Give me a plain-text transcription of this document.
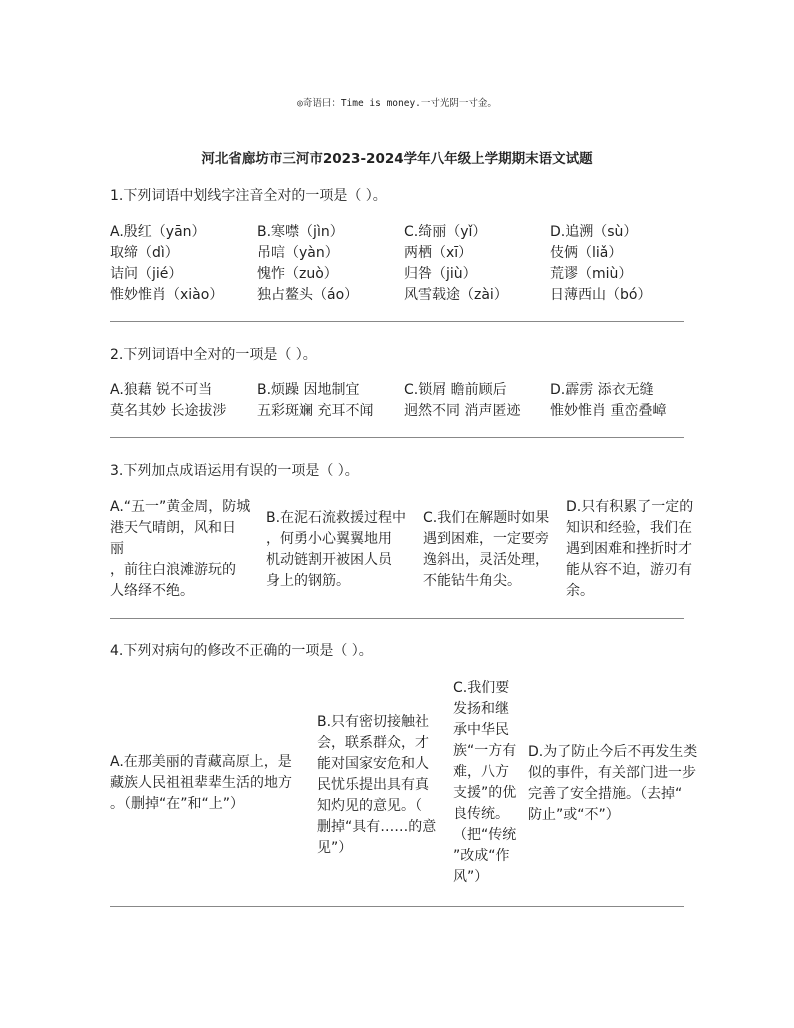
◎奇语曰：Time is money.一寸光阴一寸金。
河北省廊坊市三河市2023-2024学年八年级上学期期末语文试题
1.下列词语中划线字注音全对的一项是（ ）。
A.殷红（yān）
取缔（dì）
诘问（jié）
惟妙惟肖（xiào）
B.寒噤（jìn）
吊唁（yàn）
愧怍（zuò）
独占鳌头（áo）
C.绮丽（yǐ）
两栖（xī）
归咎（jiù）
风雪载途（zài）
D.追溯（sù）
伎俩（liǎ）
荒谬（miù）
日薄西山（bó）
2.下列词语中全对的一项是（ ）。
A.狼藉 锐不可当
莫名其妙 长途拔涉
B.烦躁 因地制宜
五彩斑斓 充耳不闻
C.锁屑 瞻前顾后
迥然不同 消声匿迹
D.霹雳 添衣无缝
惟妙惟肖 重峦叠嶂
3.下列加点成语运用有误的一项是（ ）。
A.“五一”黄金周，防城
港天气晴朗，风和日
丽
，前往白浪滩游玩的
人络绎不绝。
B.在泥石流救援过程中
，何勇小心翼翼地用
机动链割开被困人员
身上的钢筋。
C.我们在解题时如果
遇到困难，一定要旁
逸斜出，灵活处理，
不能钻牛角尖。
D.只有积累了一定的
知识和经验，我们在
遇到困难和挫折时才
能从容不迫，游刃有
余。
4.下列对病句的修改不正确的一项是（ ）。
A.在那美丽的青藏高原上，是
藏族人民祖祖辈辈生活的地方
。（删掉“在”和“上”）
B.只有密切接触社
会，联系群众，才
能对国家安危和人
民忧乐提出具有真
知灼见的意见。（
删掉“具有……的意
见”）
C.我们要
发扬和继
承中华民
族“一方有
难，八方
支援”的优
良传统。
（把“传统
”改成“作
风”）
D.为了防止今后不再发生类
似的事件，有关部门进一步
完善了安全措施。（去掉“
防止”或“不”）
